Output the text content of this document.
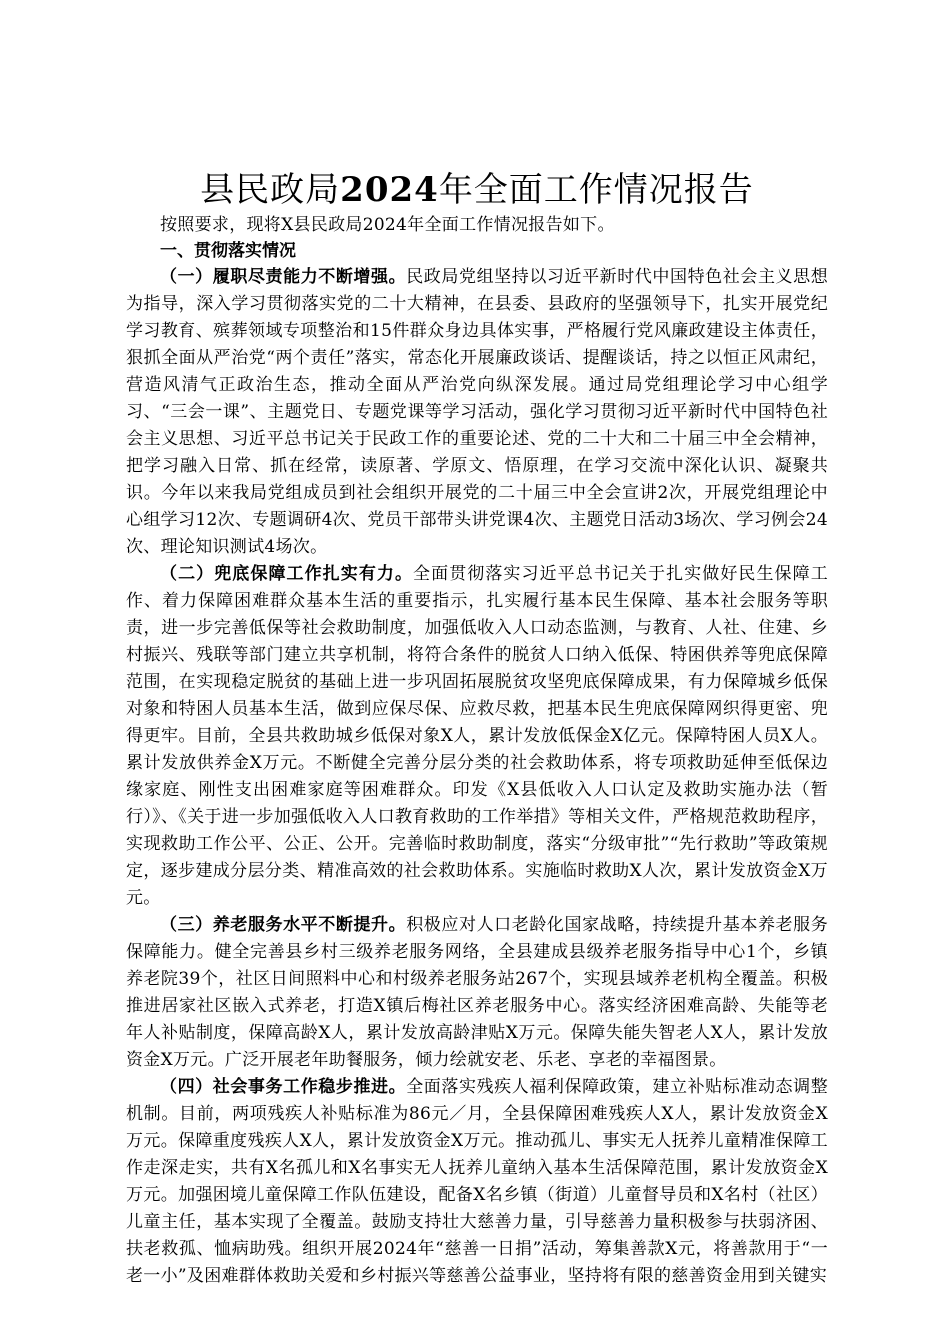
县民政局2024年全面工作情况报告

按照要求，现将X县民政局2024年全面工作情况报告如下。

一、贯彻落实情况

（一）履职尽责能力不断增强。民政局党组坚持以习近平新时代中国特色社会主义思想为指导，深入学习贯彻落实党的二十大精神，在县委、县政府的坚强领导下，扎实开展党纪学习教育、殡葬领域专项整治和15件群众身边具体实事，严格履行党风廉政建设主体责任，狠抓全面从严治党“两个责任”落实，常态化开展廉政谈话、提醒谈话，持之以恒正风肃纪，营造风清气正政治生态，推动全面从严治党向纵深发展。通过局党组理论学习中心组学习、“三会一课”、主题党日、专题党课等学习活动，强化学习贯彻习近平新时代中国特色社会主义思想、习近平总书记关于民政工作的重要论述、党的二十大和二十届三中全会精神，把学习融入日常、抓在经常，读原著、学原文、悟原理，在学习交流中深化认识、凝聚共识。今年以来我局党组成员到社会组织开展党的二十届三中全会宣讲2次，开展党组理论中心组学习12次、专题调研4次、党员干部带头讲党课4次、主题党日活动3场次、学习例会24次、理论知识测试4场次。

（二）兜底保障工作扎实有力。全面贯彻落实习近平总书记关于扎实做好民生保障工作、着力保障困难群众基本生活的重要指示，扎实履行基本民生保障、基本社会服务等职责，进一步完善低保等社会救助制度，加强低收入人口动态监测，与教育、人社、住建、乡村振兴、残联等部门建立共享机制，将符合条件的脱贫人口纳入低保、特困供养等兜底保障范围，在实现稳定脱贫的基础上进一步巩固拓展脱贫攻坚兜底保障成果，有力保障城乡低保对象和特困人员基本生活，做到应保尽保、应救尽救，把基本民生兜底保障网织得更密、兜得更牢。目前，全县共救助城乡低保对象X人，累计发放低保金X亿元。保障特困人员X人。累计发放供养金X万元。不断健全完善分层分类的社会救助体系，将专项救助延伸至低保边缘家庭、刚性支出困难家庭等困难群众。印发《X县低收入人口认定及救助实施办法（暂行）》、《关于进一步加强低收入人口教育救助的工作举措》等相关文件，严格规范救助程序，实现救助工作公平、公正、公开。完善临时救助制度，落实“分级审批”“先行救助”等政策规定，逐步建成分层分类、精准高效的社会救助体系。实施临时救助X人次，累计发放资金X万元。

（三）养老服务水平不断提升。积极应对人口老龄化国家战略，持续提升基本养老服务保障能力。健全完善县乡村三级养老服务网络，全县建成县级养老服务指导中心1个，乡镇养老院39个，社区日间照料中心和村级养老服务站267个，实现县域养老机构全覆盖。积极推进居家社区嵌入式养老，打造X镇后梅社区养老服务中心。落实经济困难高龄、失能等老年人补贴制度，保障高龄X人，累计发放高龄津贴X万元。保障失能失智老人X人，累计发放资金X万元。广泛开展老年助餐服务，倾力绘就安老、乐老、享老的幸福图景。

（四）社会事务工作稳步推进。全面落实残疾人福利保障政策，建立补贴标准动态调整机制。目前，两项残疾人补贴标准为86元／月，全县保障困难残疾人X人，累计发放资金X万元。保障重度残疾人X人，累计发放资金X万元。推动孤儿、事实无人抚养儿童精准保障工作走深走实，共有X名孤儿和X名事实无人抚养儿童纳入基本生活保障范围，累计发放资金X万元。加强困境儿童保障工作队伍建设，配备X名乡镇（街道）儿童督导员和X名村（社区）儿童主任，基本实现了全覆盖。鼓励支持壮大慈善力量，引导慈善力量积极参与扶弱济困、扶老救孤、恤病助残。组织开展2024年“慈善一日捐”活动，筹集善款X元，将善款用于“一老一小”及困难群体救助关爱和乡村振兴等慈善公益事业，坚持将有限的慈善资金用到关键实
